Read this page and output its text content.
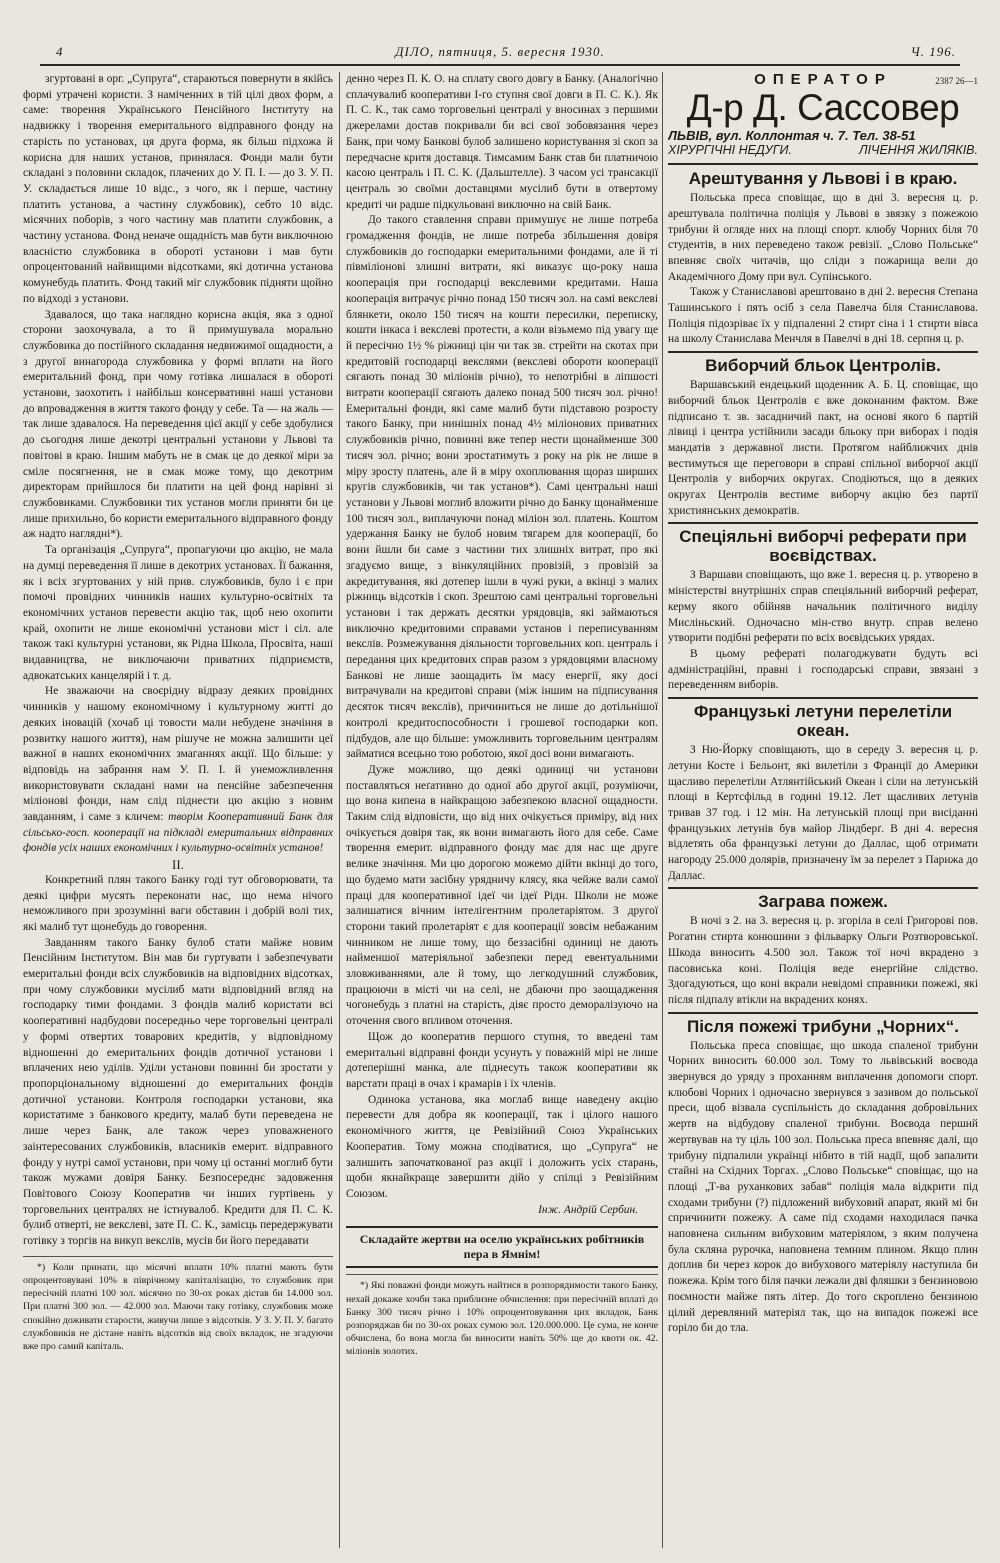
4	ДІЛО, пятниця, 5. вересня 1930.	Ч. 196.

згуртовані в орг. „Супруга“, стараються повернути в якійсь формі утрачені користи. З наміченних в тій цілі двох форм, а саме: творення Українського Пенсійного Інституту на надвижку і творення емеритального відправного фонду на старість по установах, ця друга форма, як більш підхожа й корисна для наших установ, принялася. Фонди мали бути складані з половини складок, плачених до У. П. І. — до З. У. П. У. складається лише 10 відс., з чого, як і перше, частину платить установа, а частину службовик), себто 10 відс. місячних поборів, з чого частину мав платити службовик, а частину установа. Фонд неначе ощадність мав бути виключною власністю службовика в обороті установи і мав бути опроцентований найвищими відсотками, які дотична установа комунебудь платить. Фонд такий міг службовик підняти щойно по відході з установи.

Здавалося, що така наглядно корисна акція, яка з одної сторони заохочувала, а то й примушувала морально службовика до постійного складання недвижимої ощадности, а з другої винагорода службовика у формі вплати на його емеритальний фонд, при чому готівка лишалася в обороті установи, заохотить і найбільш консервативні наші установи до впровадження в життя такого фонду у себе. Та — на жаль — так лише здавалося. На переведення цієї акції у себе здобулися до сьогодня лише декотрі центральні установи у Львові та повітові в краю. Іншим мабуть не в смак це до деякої міри за сміле посягнення, не в смак може тому, що декотрим директорам прийшлося би платити на цей фонд нарівні зі службовиками. Службовики тих установ могли приняти би це лише прихильно, бо користи емеритального відправного фонду аж надто наглядні*).

Та організація „Супруга“, пропагуючи цю акцію, не мала на думці переведення її лише в декотрих установах. Її бажання, як і всіх згуртованих у ній прив. службовиків, було і є при помочі провідних чинників наших культурно-освітніх та економічних установ перевести акцію так, щоб нею охопити край, охопити не лише економічні установи міст і сіл. але також такі культурні установи, як Рідна Школа, Просвіта, наші видавництва, не виключаючи приватних підприємств, адвокатських канцелярій і т. д.

Не зважаючи на своєрідну відразу деяких провідних чинників у нашому економічному і культурному житті до деяких іновацій (хочаб ці товости мали небудене значіння в розвитку нашого життя), нам рішуче не можна залишити цеї важної в наших економічних змаганнях акції. Що більше: у відповідь на забрання нам У. П. І. й унеможливлення використовувати складані нами на пенсійне забезпечення міліонові фонди, нам слід піднести цю акцію з новим завданням, і саме з кличем: творім Кооперативний Банк для сільсько-госп. кооперації на підкладі емеритальних відправних фондів усіх наших економічних і культурно-освітніх установ!

II.

Конкретний плян такого Банку годі тут обговорювати, та деякі цифри мусять переконати нас, що нема нічого неможливого при зрозумінні ваги обставин і добрій волі тих, які малиб тут щонебудь до говорення.

Завданням такого Банку булоб стати майже новим Пенсійним Інститутом. Він мав би гуртувати і забезпечувати емеритальні фонди всіх службовиків на відповідних відсотках, при чому службовики мусілиб мати відповідний вгляд на господарку тими фондами. З фондів малиб користати всі кооперативні надбудови посередньо чере торговельні централі у формі отвертих товарових кредитів, у відповідному відношенні до емеритальних фондів дотичної установи і вплачених нею уділів. Уділи установи повинні би зростати у пропорціональному відношенні до емеритальних фондів дотичної установи. Контроля господарки установи, яка користатиме з банкового кредиту, малаб бути переведена не лише через Банк, але також через уповажненого заінтересованих службовиків, власників емерит. відправного фонду у нутрі самої установи, при чому ці останні моглиб бути також мужами довіря Банку. Безпосереднє задовження Повітового Союзу Кооператив чи інших гуртівень у торговельних централях не істнувалоб. Кредити для П. С. К. булиб отверті, не векслеві, зате П. С. К., замісць передержувати готівку з торгів на викуп векслів, мусів би його передавати

*) Коли принати, що місячні вплати 10% платні мають бути опроцентовувані 10% в піврічному капіталізацію, то службовик при пересічній платні 100 зол. місячно по 30-ох роках дістав би 14.000 зол. При платні 300 зол. — 42.000 зол. Маючи таку готівку, службовик може спокійно доживати старости, живучи лише з відсотків. У З. У. П. У. багато службовиків не дістане навіть відсотків від своїх вкладок, не згадуючи вже про самий капіталь.

денно через П. К. О. на сплату свого довгу в Банку. (Аналогічно сплачувалиб кооперативи І-го ступня свої довги в П. С. К.). Як П. С. К., так само торговельні централі у вносинах з першими джерелами достав покривали би всі свої зобовязання через Банк, при чому Банкові булоб залишено користування зі скоп за передчасне критя доставця. Тимсамим Банк став би платничою касою централь і П. С. К. (Дальштелле). З часом усі трансакції централь зо своїми доставцями мусілиб бути в отвертому кредиті чи радше підкульовані виключно на свій Банк.

До такого ставлення справи примушує не лише потреба громадження фондів, не лише потреба збільшення довіря службовиків до господарки емеритальними фондами, але й ті півміліонові злишні витрати, які виказує що-року наша кооперація при господарці векслевими кредитами. Наша кооперація витрачує річно понад 150 тисяч зол. на самі векслеві блянкети, около 150 тисяч на кошти пересилки, переписку, кошти інкаса і векслеві протести, а коли візьмемо під увагу ще й пересічно 1½ % ріжниці цін чи так зв. стрейти на скотах при кредитовій господарці векслями (векслеві обороти кооперації сягають понад 30 міліонів річно), то непотрібні в ліпшості витрати кооперації сягають далеко понад 500 тисяч зол. річно! Емеритальні фонди, які саме малиб бути підставою розросту такого Банку, при нинішніх понад 4½ міліонових приватних службовиків річно, повинні вже тепер нести щонайменше 300 тисяч зол. річно; вони зростатимуть з року на рік не лише в міру зросту платень, але й в міру охоплювання щораз ширших кругів службовиків, чи так установ*). Самі центральні наші установи у Львові моглиб вложити річно до Банку щонайменше 100 тисяч зол., виплачуючи понад міліон зол. платень. Коштом удержання Банку не булоб новим тягарем для кооперації, бо вони йшли би саме з частини тих злишніх витрат, про які згадуємо вище, з вінкуляційних провізій, з провізій за акредитування, які дотепер ішли в чужі руки, а вкінці з малих ріжниць відсотків і скоп. Зрештою самі центральні торговельні установи і так держать десятки урядовців, які займаються виключно кредитовими справами установ і переписуванням векслів. Розмежування діяльности торговельних коп. централь і передання цих кредитових справ разом з урядовцями власному Банкові не лише заощадить їм масу енергії, яку досі витрачували на кредитові справи (між іншим на підписування десяток тисяч векслів), причиниться не лише до дотільнішої контролі кредитоспособности і грошевої господарки коп. підбудов, але що більше: уможливить торговельним централям займатися всецьно тою роботою, якої досі вони вимагають.

Дуже можливо, що деякі одиниці чи установи поставляться неґативно до одної або другої акції, розуміючи, що вона кипена в найкращою забезпекою власної ощадности. Таким слід відповісти, що від них очікується приміру, від них очікується довіря так, як вони вимагають його для себе. Саме творення емерит. відправного фонду має для нас ще друге велике значіння. Ми цю дорогою можемо дійти вкінці до того, що будемо мати засібну урядничу клясу, яка чейже вали самої праці для кооперативної ідеї чи ідеї Рідн. Школи не може залишатися вічним інтелігентним пролетаріятом. З другої сторони такий пролетаріят є для кооперації зовсім небажаним чинником не лише тому, що беззасібні одиниці не дають найменшої матеріяльної забезпеки перед евентуальними зловживаннями, але й тому, що легкодушний службовик, працюючи в місті чи на селі, не дбаючи про заощадження чогонебудь з платні на старість, діяє просто деморалізуючо на оточення свого впливом оточення.

Щож до кооператив першого ступня, то введені там емеритальні відправні фонди усунуть у поважній мірі не лише дотеперішні манка, але піднесуть також кооперативи як варстати праці в очах і крамарів і їх членів.

Одинока установа, яка моглаб вище наведену акцію перевести для добра як кооперації, так і цілого нашого економічного життя, це Ревізійний Союз Українських Кооператив. Тому можна сподіватися, що „Супруга“ не залишить започаткованої раз акції і доложить усіх старань, щоби якнайкраще завершити дійо у спілці з Ревізійним Союзом.

Інж. Андрій Сербин.

Складайте жертви на оселю українських робітників пера в Ямнім!

*) Які поважні фонди можуть найтися в розпорядимости такого Банку, нехай докаже хочби така приблизне обчислення: при пересічній вплаті до Банку 300 тисяч річно і 10% опроцентовування цих вкладок, Банк розпоряджав би по 30-ох роках сумою зол. 120.000.000. Це сума, не конче обчислена, бо вона могла би виносити навіть 50% ще до квоти ок. 42. міліонів золотих.

2387 26—1
ОПЕРАТОР
Д-р Д. Сассовер
ЛЬВІВ, вул. Коллонтая ч. 7. Тел. 38-51
ХІРУРГІЧНІ НЕДУГИ.	ЛІЧЕННЯ ЖИЛЯКІВ.
Арештування у Львові і в краю.

Польська преса сповіщає, що в дні 3. вересня ц. р. арештувала політична поліція у Львові в звязку з пожежою трибуни й огляде них на площі спорт. клюбу Чорних біля 70 студентів, в них переведено також ревізії. „Слово Польське“ впевняє своїх читачів, що сліди з пожарища вели до Академічного Дому при вул. Супінського.

Також у Станиславові арештовано в дні 2. вересня Степана Ташинського і пять осіб з села Павелча біля Станиславова. Поліція підозріває їх у підпаленні 2 стирт сіна і 1 стирти вівса на школу Станислава Менчля в Павелчі в дні 18. серпня ц. р.

Виборчий бльок Центролів.

Варшавський ендецький щоденник А. Б. Ц. сповіщає, що виборчий бльок Центролів є вже доконаним фактом. Вже підписано т. зв. засадничий пакт, на основі якого 6 партій лівиці і центра устійнили засади бльоку при виборах і подія мандатів з державної листи. Протягом найближчих днів вестимуться ще переговори в справі спільної виборчої акції Центролів у виборчих округах. Сподіються, що в деяких округах Центролів вестиме виборчу акцію без партії християнських демократів.

Спеціяльні виборчі реферати при воєвідствах.

З Варшави сповіщають, що вже 1. вересня ц. р. утворено в міністерстві внутрішніх справ спеціяльний виборчий реферат, керму якого обійняв начальник політичного виділу Мисліньский. Одночасно мін-ство внутр. справ велено утворити подібні реферати по всіх воєвідських урядах.

В цьому рефераті полагоджувати будуть всі адміністраційні, правні і господарські справи, звязані з переведенням виборів.

Французькі летуни перелетіли океан.

З Ню-Йорку сповіщають, що в середу 3. вересня ц. р. летуни Косте і Бельонт, які вилетіли з Франції до Америки щасливо перелетіли Атлянтійський Океан і сіли на летунській площі в Кертсфільд в годині 19.12. Лет щасливих летунів тривав 37 год. і 12 мін. На летунській площі при висіданні французьких летунів був майор Ліндберґ. В дні 4. вересня відлетять оба французькі летуни до Даллас, щоб отримати нагороду 25.000 долярів, призначену їм за перелет з Парижа до Даллас.

Заграва пожеж.

В ночі з 2. на 3. вересня ц. р. згоріла в селі Григорові пов. Рогатин стирта конюшини з фільварку Ольги Розтворовської. Шкода виносить 4.500 зол. Також тої ночі вкрадено з пасовиська коні. Поліція веде енергійне слідство. Здогадуються, що коні вкрали невідомі справники пожежі, які після підпалу втікли на вкрадених конях.

Після пожежі трибуни „Чорних“.

Польська преса сповіщає, що шкода спаленої трибуни Чорних виносить 60.000 зол. Тому то львівський воєвода звернувся до уряду з проханням виплачення допомоги спорт. клюбові Чорних і одночасно звернувся з зазивом до польської преси, щоб візвала суспільність до складання добровільних жертв на відбудову спаленої трибуни. Воєвода перший жертвував на ту ціль 100 зол. Польська преса впевняє далі, що трибуну підпалили українці нібито в тій надії, щоб запалити стайні на Східних Торгах. „Слово Польське“ сповіщає, що на площі „Т-ва руханкових забав“ поліція мала відкрити під сходами трибуни (?) підложений вибуховий апарат, який мі би спричинити пожежу. А саме під сходами находилася пачка наповнена сильним вибуховим матеріялом, з яким получена була скляна рурочка, наповнена темним плином. Якщо плин доплив би через корок до вибухового матеріялу наступила би пожежа. Крім того біля пачки лежали дві фляшки з бензиновою поємности майже пять літер. До того скроплено бензиною цілий деревляний матеріял так, що на випадок пожежі все горіло би до тла.
